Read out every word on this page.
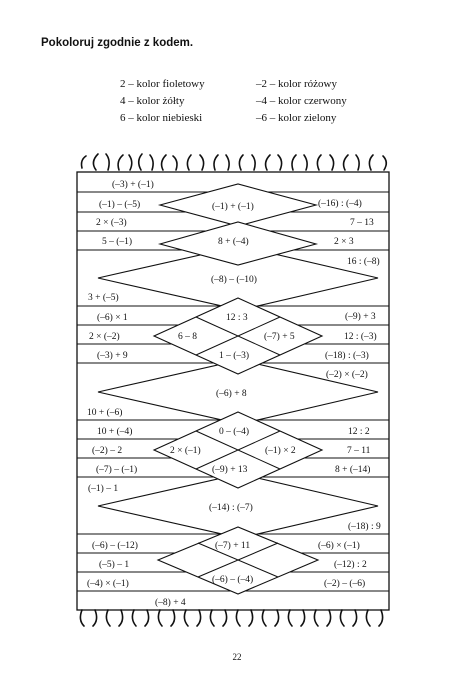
Pokoloruj zgodnie z kodem.
2 – kolor fioletowy
4 – kolor żółty
6 – kolor niebieski
–2 – kolor różowy
–4 – kolor czerwony
–6 – kolor zielony
(–3) + (–1)
(–1) – (–5)	(–1) + (–1)	(–16) : (–4)
2 × (–3)	7 – 13
5 – (–1)	8 + (–4)	2 × 3
16 : (–8)
(–8) – (–10)
3 + (–5)
(–6) × 1	12 : 3	(–9) + 3
2 × (–2)	6 – 8	(–7) + 5	12 : (–3)
(–3) + 9	1 – (–3)	(–18) : (–3)
(–2) × (–2)
(–6) + 8
10 + (–6)
10 + (–4)	0 – (–4)	12 : 2
(–2) – 2	2 × (–1)	(–1) × 2	7 – 11
(–7) – (–1)	(–9) + 13	8 + (–14)
(–1) – 1
(–14) : (–7)
(–18) : 9
(–6) – (–12)	(–7) + 11	(–6) × (–1)
(–5) – 1	(–12) : 2
(–4) × (–1)	(–6) – (–4)	(–2) – (–6)
(–8) + 4
22
